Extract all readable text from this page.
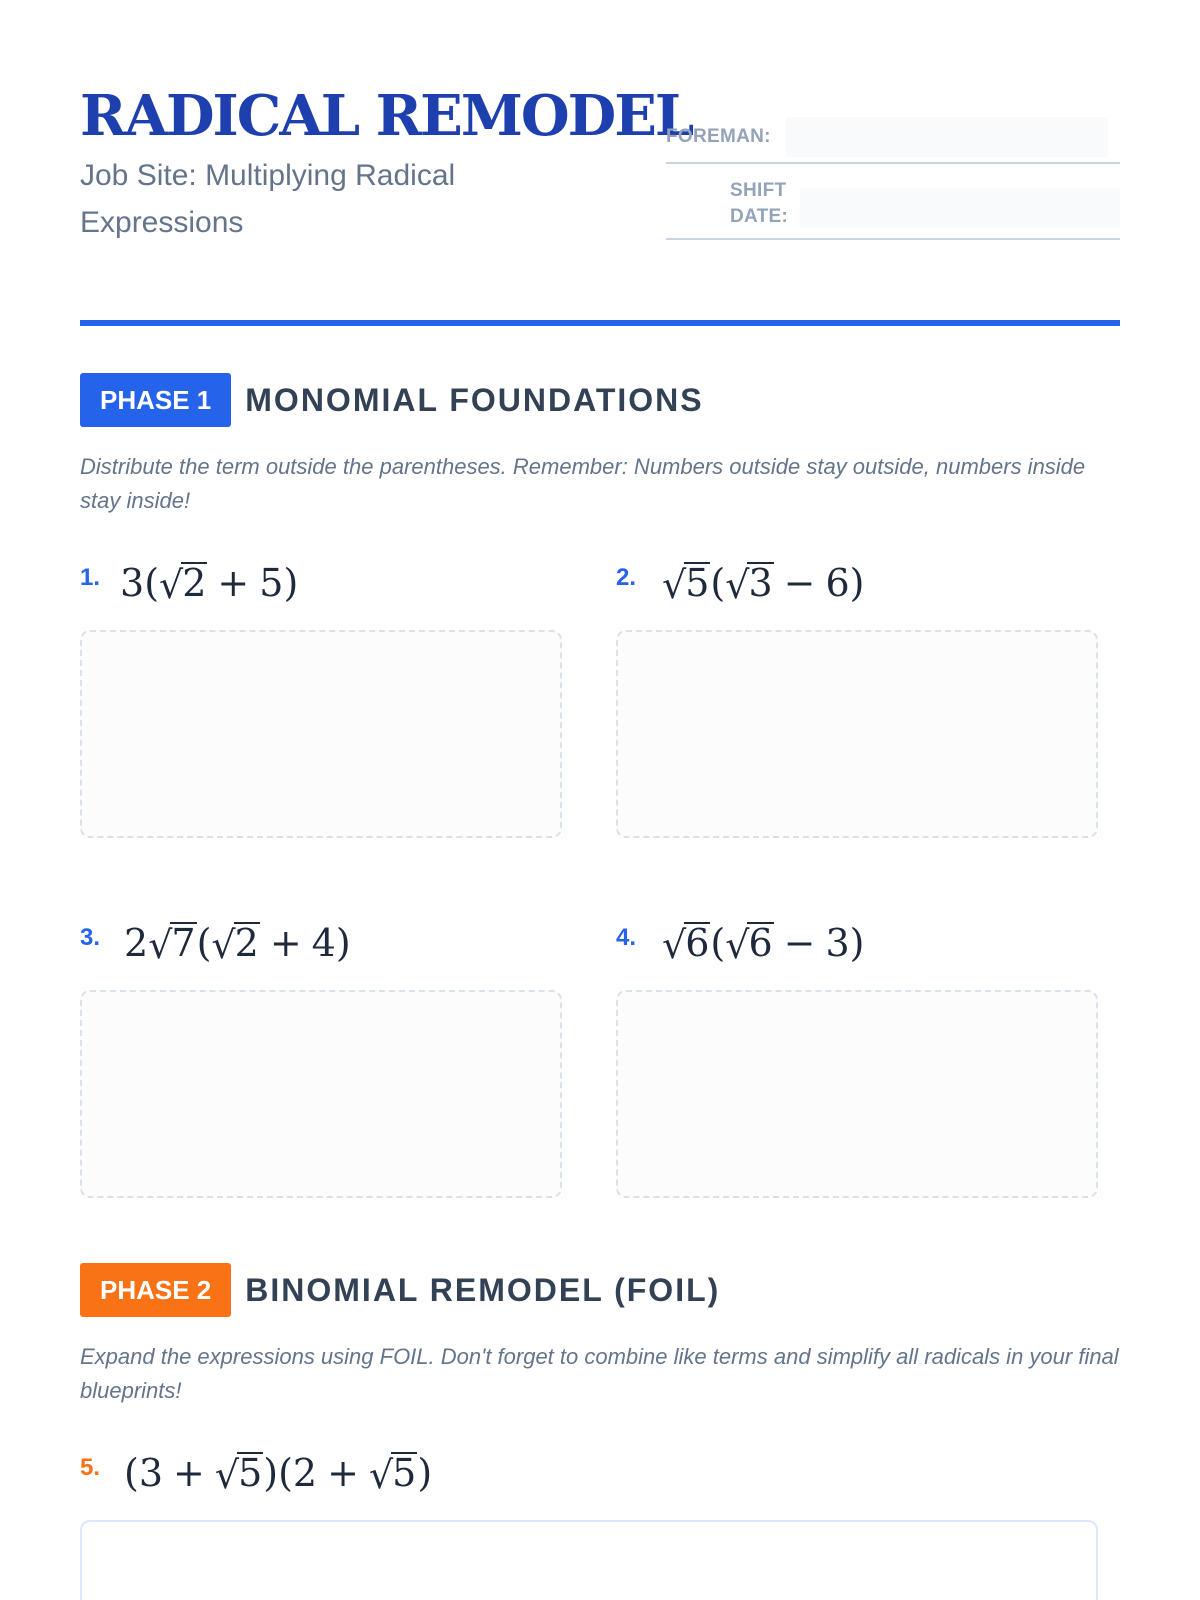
RADICAL REMODEL
Job Site: Multiplying Radical Expressions
FOREMAN:
SHIFT DATE:
PHASE 1	MONOMIAL FOUNDATIONS
Distribute the term outside the parentheses. Remember: Numbers outside stay outside, numbers inside stay inside!
1. 3 ( √ 2 + 5 )	2. √ 5 ( √ 3 − 6 )
3. 2 √ 7 ( √ 2 + 4 )	4. √ 6 ( √ 6 − 3 )
PHASE 2	BINOMIAL REMODEL (FOIL)
Expand the expressions using FOIL. Don't forget to combine like terms and simplify all radicals in your final blueprints!
5. ( 3 + √ 5 )( 2 + √ 5 )
